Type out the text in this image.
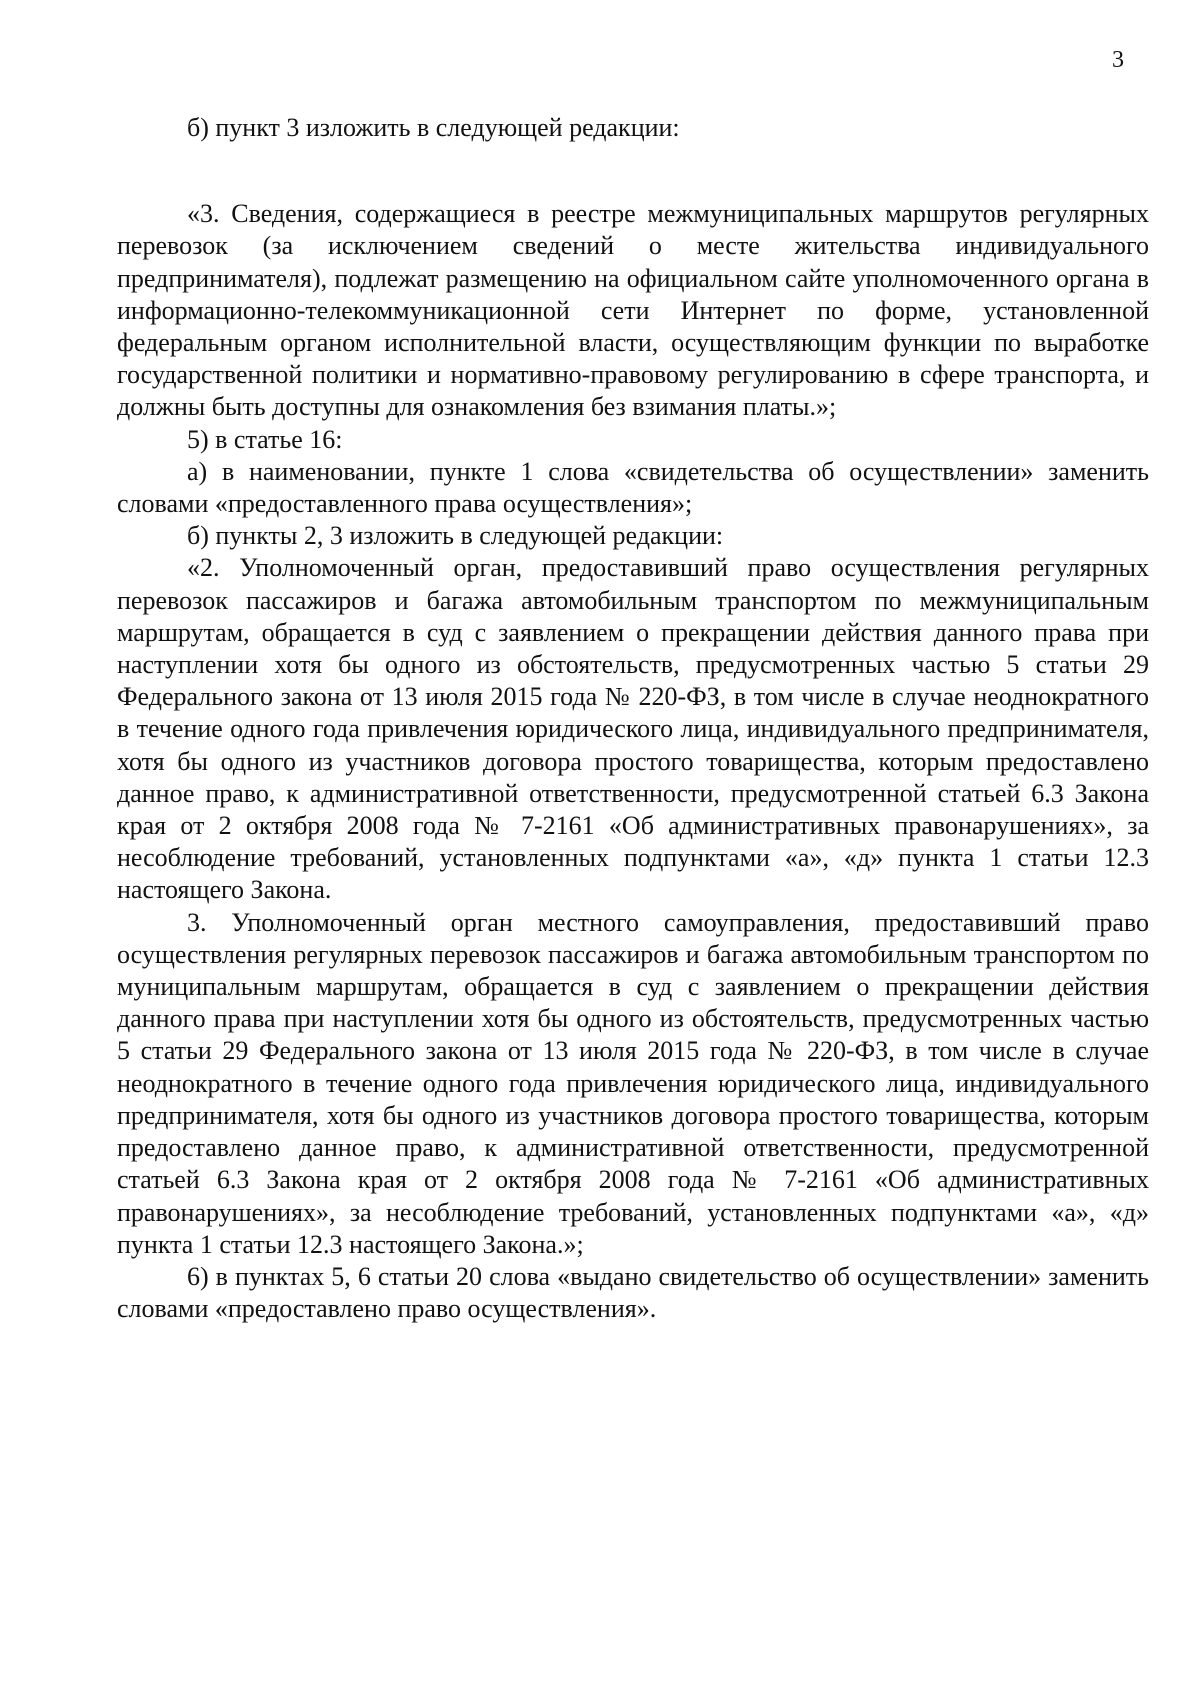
3

б) пункт 3 изложить в следующей редакции:

«3. Сведения, содержащиеся в реестре межмуниципальных маршрутов регулярных перевозок (за исключением сведений о месте жительства индивидуального предпринимателя), подлежат размещению на официальном сайте уполномоченного органа в информационно-телекоммуникационной сети Интернет по форме, установленной федеральным органом исполнительной власти, осуществляющим функции по выработке государственной политики и нормативно-правовому регулированию в сфере транспорта, и должны быть доступны для ознакомления без взимания платы.»;

5) в статье 16:

а) в наименовании, пункте 1 слова «свидетельства об осуществлении» заменить словами «предоставленного права осуществления»;

б) пункты 2, 3 изложить в следующей редакции:

«2. Уполномоченный орган, предоставивший право осуществления регулярных перевозок пассажиров и багажа автомобильным транспортом по межмуниципальным маршрутам, обращается в суд с заявлением о прекращении действия данного права при наступлении хотя бы одного из обстоятельств, предусмотренных частью 5 статьи 29 Федерального закона от 13 июля 2015 года № 220-ФЗ, в том числе в случае неоднократного в течение одного года привлечения юридического лица, индивидуального предпринимателя, хотя бы одного из участников договора простого товарищества, которым предоставлено данное право, к административной ответственности, предусмотренной статьей 6.3 Закона края от 2 октября 2008 года № 7-2161 «Об административных правонарушениях», за несоблюдение требований, установленных подпунктами «а», «д» пункта 1 статьи 12.3 настоящего Закона.

3. Уполномоченный орган местного самоуправления, предоставивший право осуществления регулярных перевозок пассажиров и багажа автомобильным транспортом по муниципальным маршрутам, обращается в суд с заявлением о прекращении действия данного права при наступлении хотя бы одного из обстоятельств, предусмотренных частью 5 статьи 29 Федерального закона от 13 июля 2015 года № 220-ФЗ, в том числе в случае неоднократного в течение одного года привлечения юридического лица, индивидуального предпринимателя, хотя бы одного из участников договора простого товарищества, которым предоставлено данное право, к административной ответственности, предусмотренной статьей 6.3 Закона края от 2 октября 2008 года № 7-2161 «Об административных правонарушениях», за несоблюдение требований, установленных подпунктами «а», «д» пункта 1 статьи 12.3 настоящего Закона.»;

6) в пунктах 5, 6 статьи 20 слова «выдано свидетельство об осуществлении» заменить словами «предоставлено право осуществления».
